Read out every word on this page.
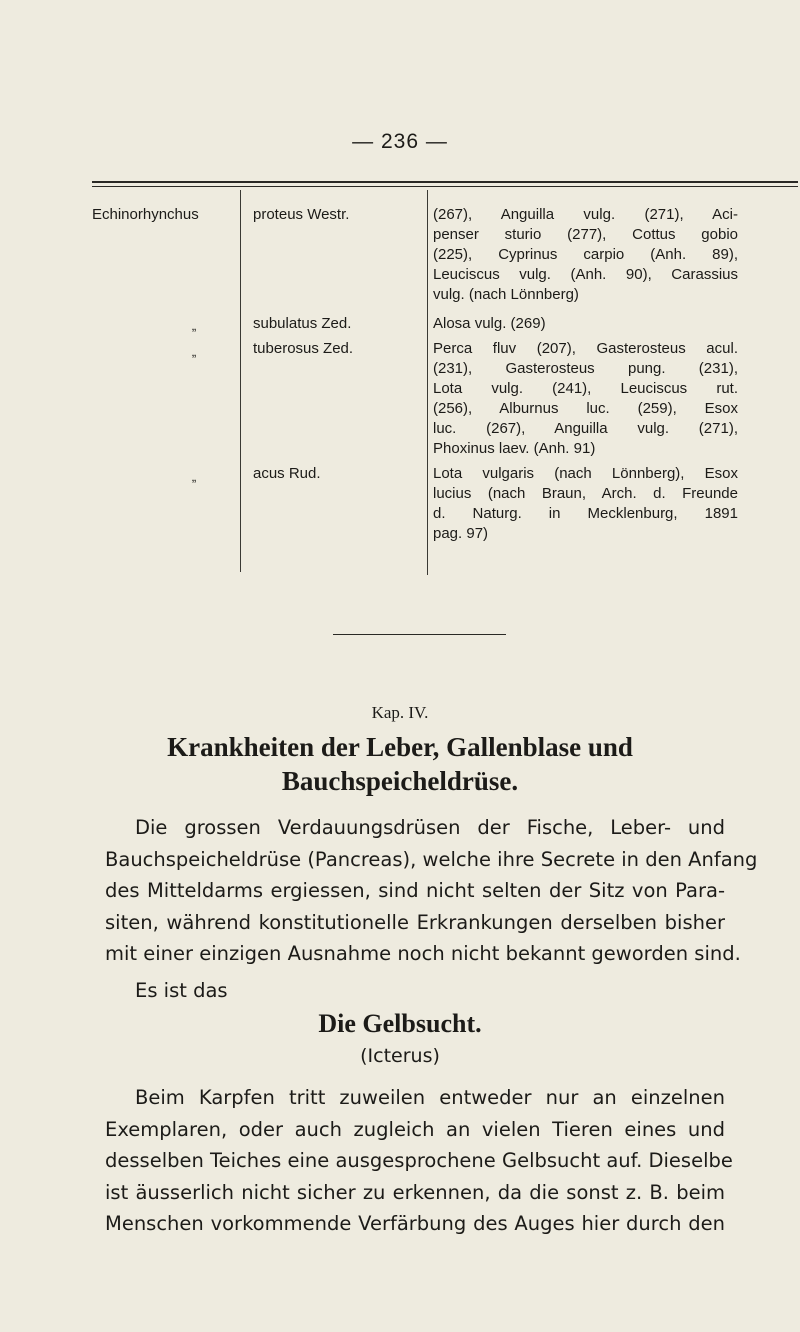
— 236 —
Echinorhynchus	proteus Westr.	(267), Anguilla vulg. (271), Aci-
penser sturio (277), Cottus gobio
(225), Cyprinus carpio (Anh. 89),
Leuciscus vulg. (Anh. 90), Carassius
vulg. (nach Lönnberg)
„	subulatus Zed.	Alosa vulg. (269)
„	tuberosus Zed.	Perca fluv (207), Gasterosteus acul.
(231), Gasterosteus pung. (231),
Lota vulg. (241), Leuciscus rut.
(256), Alburnus luc. (259), Esox
luc. (267), Anguilla vulg. (271),
Phoxinus laev. (Anh. 91)
„	acus Rud.	Lota vulgaris (nach Lönnberg), Esox
lucius (nach Braun, Arch. d. Freunde
d. Naturg. in Mecklenburg, 1891
pag. 97)
Kap. IV.
Krankheiten der Leber, Gallenblase und
Bauchspeicheldrüse.
Die grossen Verdauungsdrüsen der Fische, Leber- und
Bauchspeicheldrüse (Pancreas), welche ihre Secrete in den Anfang
des Mitteldarms ergiessen, sind nicht selten der Sitz von Para-
siten, während konstitutionelle Erkrankungen derselben bisher
mit einer einzigen Ausnahme noch nicht bekannt geworden sind.
Es ist das
Die Gelbsucht.
(Icterus)
Beim Karpfen tritt zuweilen entweder nur an einzelnen
Exemplaren, oder auch zugleich an vielen Tieren eines und
desselben Teiches eine ausgesprochene Gelbsucht auf. Dieselbe
ist äusserlich nicht sicher zu erkennen, da die sonst z. B. beim
Menschen vorkommende Verfärbung des Auges hier durch den
